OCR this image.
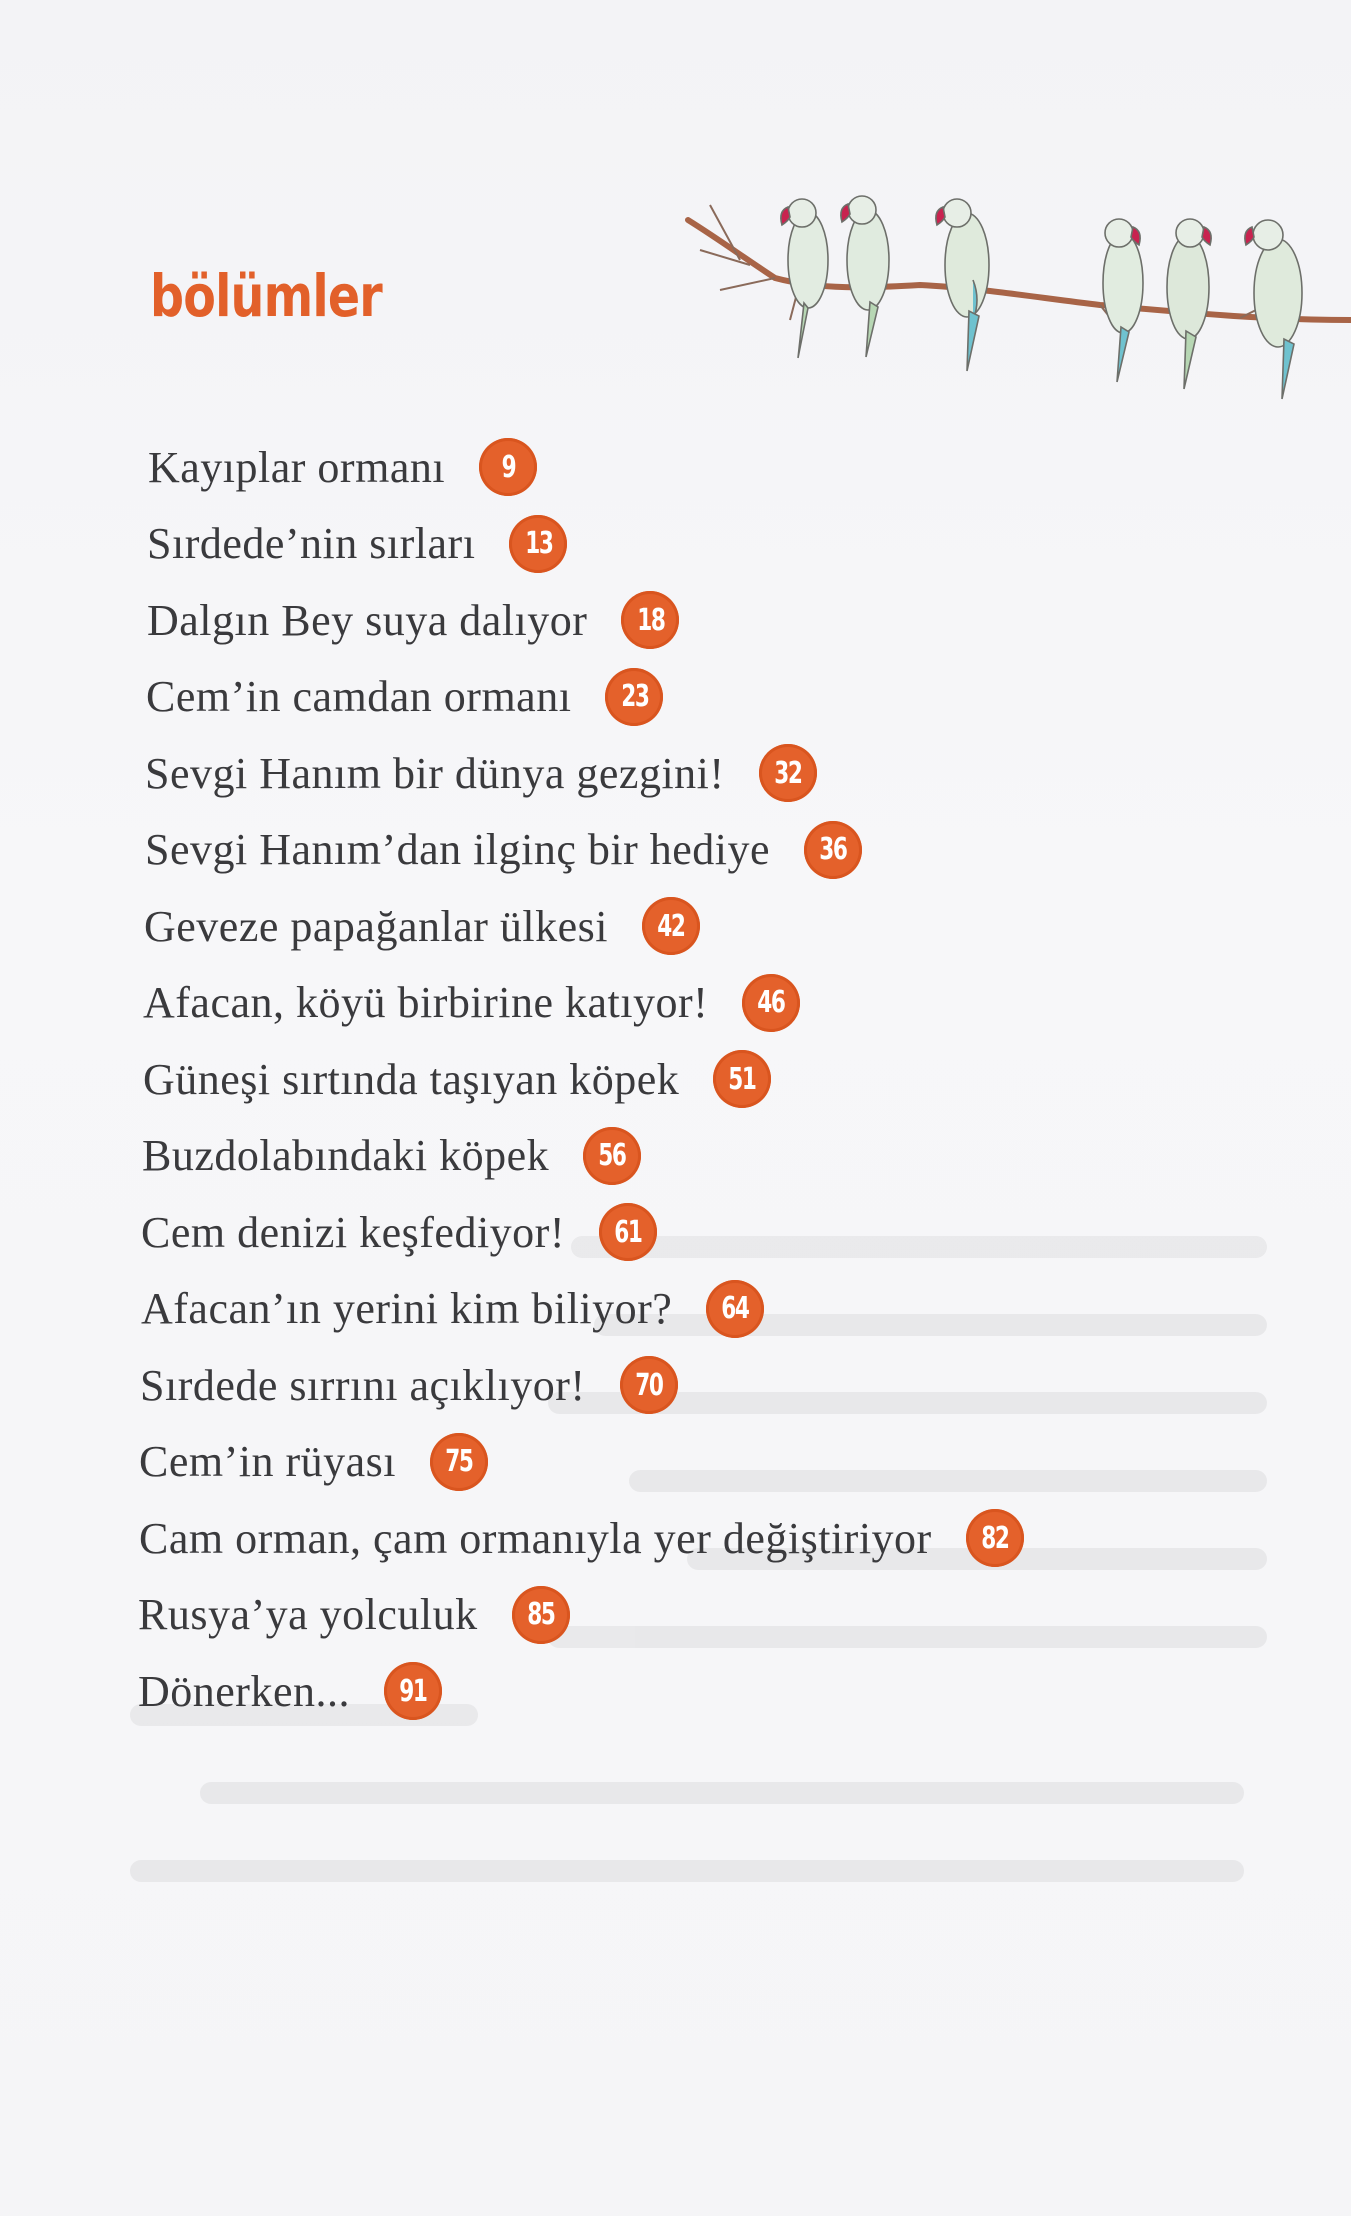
bölümler
Kayıplar ormanı 9
Sırdede’nin sırları 13
Dalgın Bey suya dalıyor 18
Cem’in camdan ormanı 23
Sevgi Hanım bir dünya gezgini! 32
Sevgi Hanım’dan ilginç bir hediye 36
Geveze papağanlar ülkesi 42
Afacan, köyü birbirine katıyor! 46
Güneşi sırtında taşıyan köpek 51
Buzdolabındaki köpek 56
Cem denizi keşfediyor! 61
Afacan’ın yerini kim biliyor? 64
Sırdede sırrını açıklıyor! 70
Cem’in rüyası 75
Cam orman, çam ormanıyla yer değiştiriyor 82
Rusya’ya yolculuk 85
Dönerken... 91
